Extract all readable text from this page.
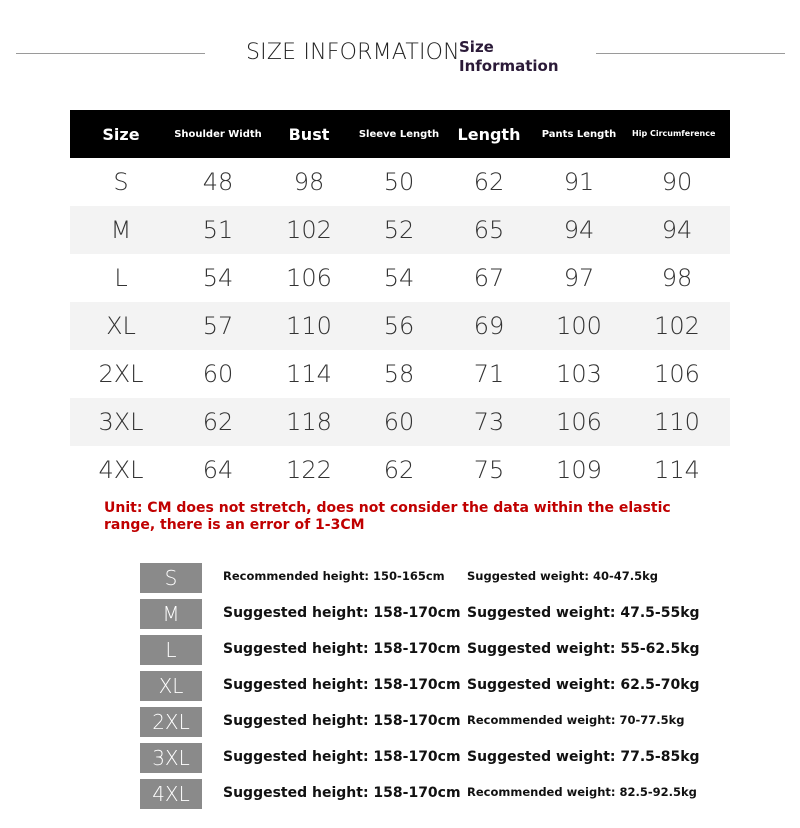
SIZE INFORMATION Size Information
Size	Shoulder Width	Bust	Sleeve Length	Length	Pants Length	Hip Circumference
S	48	98	50	62	91	90
M	51	102	52	65	94	94
L	54	106	54	67	97	98
XL	57	110	56	69	100	102
2XL	60	114	58	71	103	106
3XL	62	118	60	73	106	110
4XL	64	122	62	75	109	114
Unit: CM does not stretch, does not consider the data within the elastic range, there is an error of 1-3CM
S	Recommended height: 150-165cm Suggested weight: 40-47.5kg
M	Suggested height: 158-170cm Suggested weight: 47.5-55kg
L	Suggested height: 158-170cm Suggested weight: 55-62.5kg
XL	Suggested height: 158-170cm Suggested weight: 62.5-70kg
2XL	Suggested height: 158-170cm Recommended weight: 70-77.5kg
3XL	Suggested height: 158-170cm Suggested weight: 77.5-85kg
4XL	Suggested height: 158-170cm Recommended weight: 82.5-92.5kg
